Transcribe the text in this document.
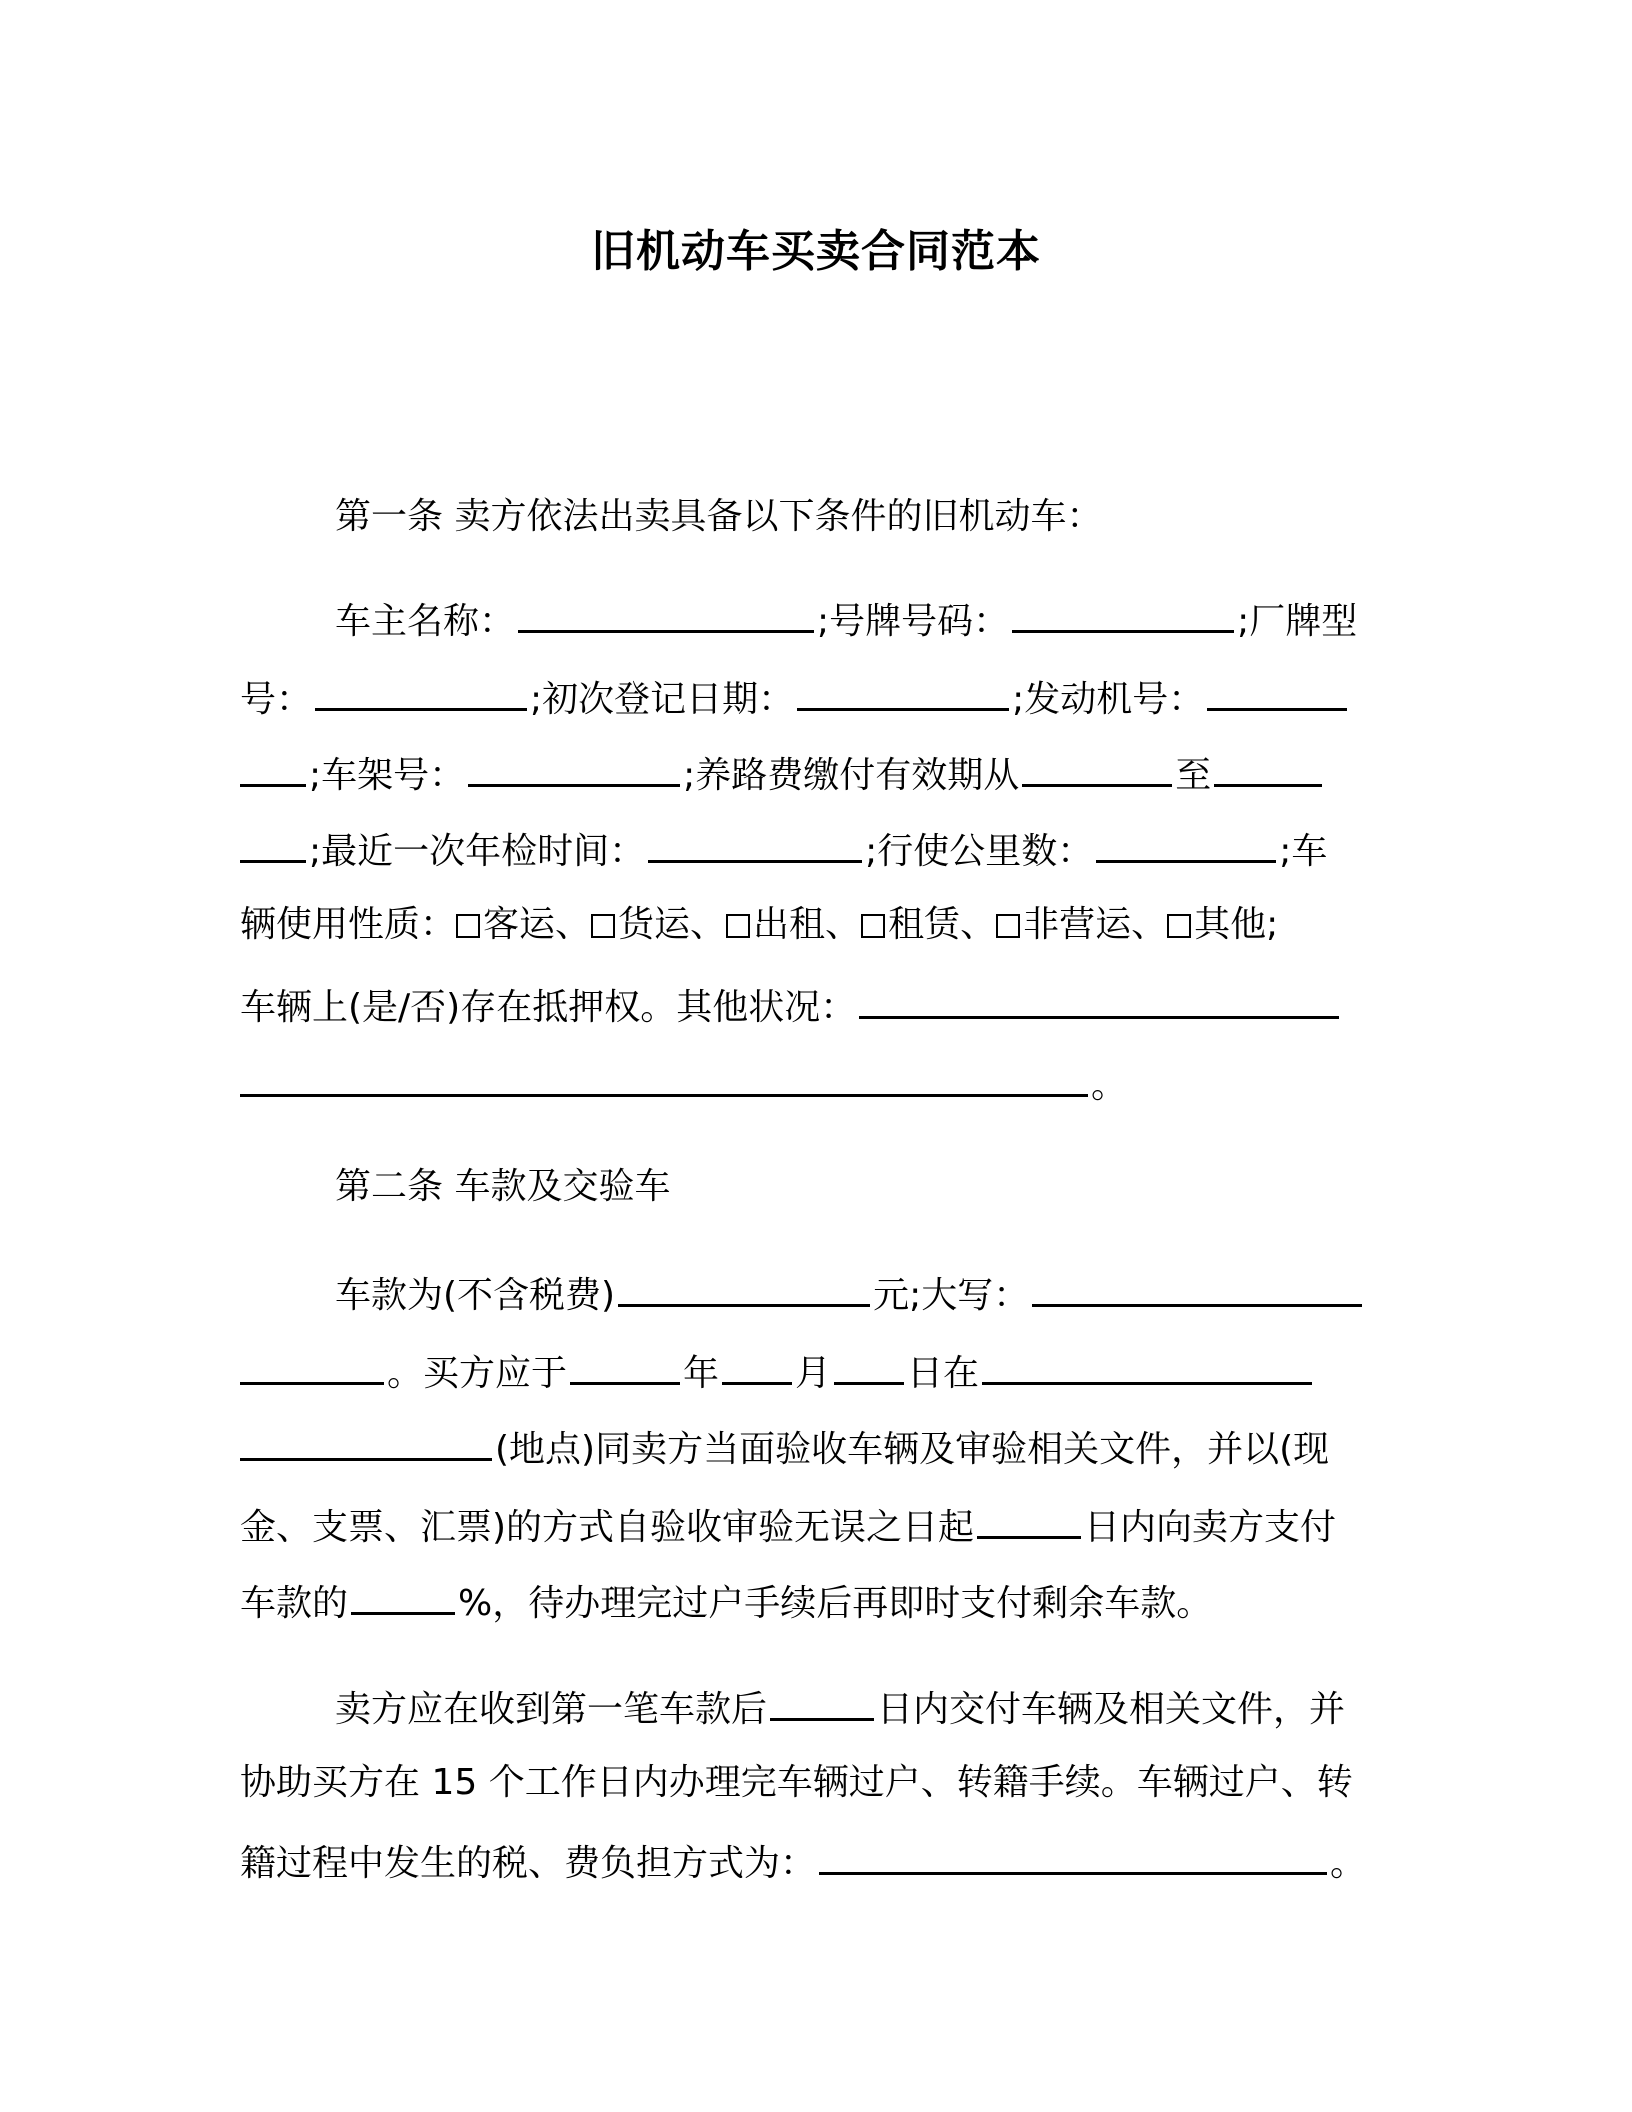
旧机动车买卖合同范本
第一条 卖方依法出卖具备以下条件的旧机动车：
车主名称：	;号牌号码：	;厂牌型
号：	;初次登记日期：	;发动机号：
;车架号：	;养路费缴付有效期从	至
;最近一次年检时间：	;行使公里数：	;车
辆使用性质： 客运、 货运、 出租、 租赁、 非营运、 其他;
车辆上(是/否)存在抵押权。其他状况：
。
第二条 车款及交验车
车款为(不含税费)	元;大写：
。买方应于	年 月 日在
(地点)同卖方当面验收车辆及审验相关文件，并以(现
金、支票、汇票)的方式自验收审验无误之日起	日内向卖方支付
车款的	%，待办理完过户手续后再即时支付剩余车款。
卖方应在收到第一笔车款后	日内交付车辆及相关文件，并
协助买方在 15 个工作日内办理完车辆过户、转籍手续。车辆过户、转
籍过程中发生的税、费负担方式为：	。
